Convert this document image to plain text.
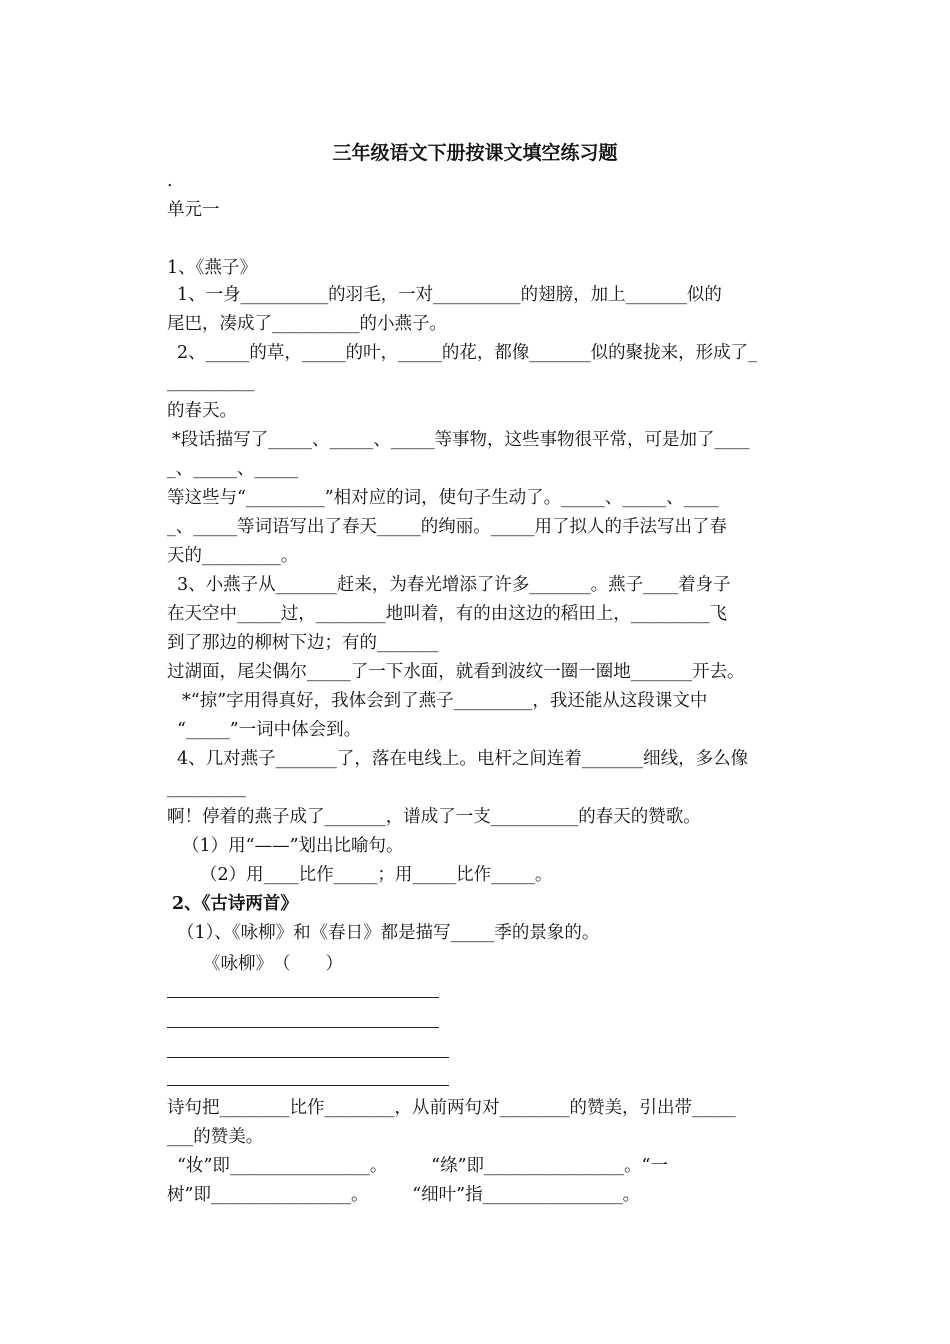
三年级语文下册按课文填空练习题
.
单元一
1、《燕子》
1、一身__________的羽毛，一对__________的翅膀，加上_______似的
尾巴，凑成了__________的小燕子。
2、_____的草，_____的叶，_____的花，都像_______似的聚拢来，形成了_
__________
的春天。
*段话描写了_____、_____、_____等事物，这些事物很平常，可是加了____
_、_____、_____
等这些与“_________”相对应的词，使句子生动了。_____、_____、____
_、_____等词语写出了春天_____的绚丽。_____用了拟人的手法写出了春
天的_________。
3、小燕子从_______赶来，为春光增添了许多_______。燕子____着身子
在天空中_____过，________地叫着，有的由这边的稻田上，_________飞
到了那边的柳树下边；有的_______
过湖面，尾尖偶尔_____了一下水面，就看到波纹一圈一圈地_______开去。
*“掠”字用得真好，我体会到了燕子_________，我还能从这段课文中
“_____”一词中体会到。
4、几对燕子_______了，落在电线上。电杆之间连着_______细线，多么像
_________
啊！停着的燕子成了_______，谱成了一支__________的春天的赞歌。
（1）用“——”划出比喻句。
（2）用____比作_____；用_____比作_____。
2、《古诗两首》
（1）、《咏柳》和《春日》都是描写_____季的景象的。
《咏柳》　（　　）
诗句把________比作________，从前两句对________的赞美，引出带_____
___的赞美。
“妆”即________________。　　　“绦”即________________。“一
树”即________________。　　　“细叶”指________________。
